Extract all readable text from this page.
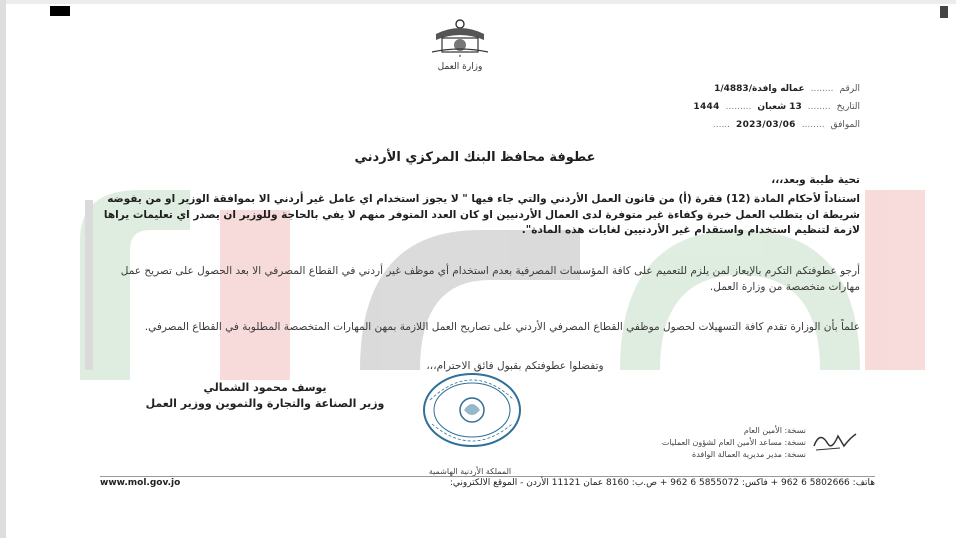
ة
وزارة العمل
الرقم
........
عماله وافدة/1/4883
التاريخ
........
13 شعبان
.........
1444
الموافق
........
2023/03/06
......
عطوفة محافظ البنك المركزي الأردني
تحية طيبة وبعد،،،
استناداً لأحكام المادة (12) فقرة (أ) من قانون العمل الأردني والتي جاء فيها " لا يجوز استخدام اي عامل غير أردني الا بموافقة الوزير او من يفوضه شريطة ان يتطلب العمل خبرة وكفاءة غير متوفرة لدى العمال الأردنيين او كان العدد المتوفر منهم لا يفي بالحاجة وللوزير ان يصدر اي تعليمات يراها لازمة لتنظيم استخدام واستقدام غير الأردنيين لغايات هذه المادة".
أرجو عطوفتكم التكرم بالإيعاز لمن يلزم للتعميم على كافة المؤسسات المصرفية بعدم استخدام أي موظف غير أردني في القطاع المصرفي الا بعد الحصول على تصريح عمل مهارات متخصصة من وزارة العمل.
علماً بأن الوزارة تقدم كافة التسهيلات لحصول موظفي القطاع المصرفي الأردني على تصاريح العمل اللازمة بمهن المهارات المتخصصة المطلوبة في القطاع المصرفي.
وتفضلوا عطوفتكم بقبول فائق الاحترام،،،
يوسف محمود الشمالي
وزير الصناعة والتجارة والتموين ووزير العمل
نسخة: الأمين العام
نسخة: مساعد الأمين العام لشؤون العمليات
نسخة: مدير مديرية العمالة الوافدة
المملكة الأردنية الهاشمية
هاتف: 5802666 6 962 + فاكس: 5855072 6 962 + ص.ب: 8160 عمان 11121 الأردن - الموقع الالكتروني:
www.mol.gov.jo
